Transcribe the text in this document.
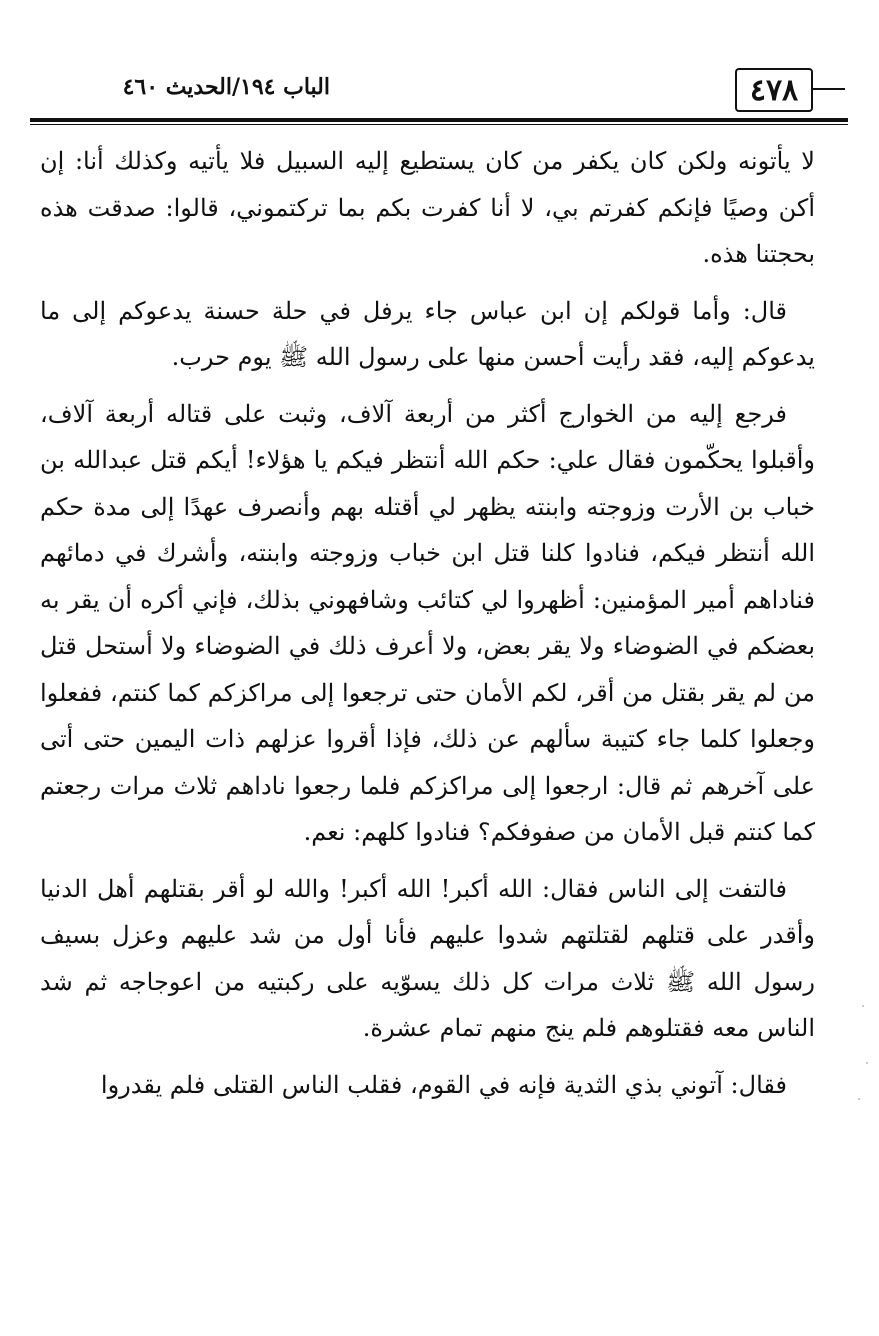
الباب ١٩٤/الحديث ٤٦٠	٤٧٨

لا يأتونه ولكن كان يكفر من كان يستطيع إليه السبيل فلا يأتيه وكذلك أنا: إن أكن وصيًا فإنكم كفرتم بي، لا أنا كفرت بكم بما تركتموني، قالوا: صدقت هذه بحجتنا هذه.

قال: وأما قولكم إن ابن عباس جاء يرفل في حلة حسنة يدعوكم إلى ما يدعوكم إليه، فقد رأيت أحسن منها على رسول الله ﷺ يوم حرب.

فرجع إليه من الخوارج أكثر من أربعة آلاف، وثبت على قتاله أربعة آلاف، وأقبلوا يحكّمون فقال علي: حكم الله أنتظر فيكم يا هؤلاء! أيكم قتل عبدالله بن خباب بن الأرت وزوجته وابنته يظهر لي أقتله بهم وأنصرف عهدًا إلى مدة حكم الله أنتظر فيكم، فنادوا كلنا قتل ابن خباب وزوجته وابنته، وأشرك في دمائهم فناداهم أمير المؤمنين: أظهروا لي كتائب وشافهوني بذلك، فإني أكره أن يقر به بعضكم في الضوضاء ولا يقر بعض، ولا أعرف ذلك في الضوضاء ولا أستحل قتل من لم يقر بقتل من أقر، لكم الأمان حتى ترجعوا إلى مراكزكم كما كنتم، ففعلوا وجعلوا كلما جاء كتيبة سألهم عن ذلك، فإذا أقروا عزلهم ذات اليمين حتى أتى على آخرهم ثم قال: ارجعوا إلى مراكزكم فلما رجعوا ناداهم ثلاث مرات رجعتم كما كنتم قبل الأمان من صفوفكم؟ فنادوا كلهم: نعم.

فالتفت إلى الناس فقال: الله أكبر! الله أكبر! والله لو أقر بقتلهم أهل الدنيا وأقدر على قتلهم لقتلتهم شدوا عليهم فأنا أول من شد عليهم وعزل بسيف رسول الله ﷺ ثلاث مرات كل ذلك يسوّيه على ركبتيه من اعوجاجه ثم شد الناس معه فقتلوهم فلم ينج منهم تمام عشرة.

فقال: آتوني بذي الثدية فإنه في القوم، فقلب الناس القتلى فلم يقدروا
